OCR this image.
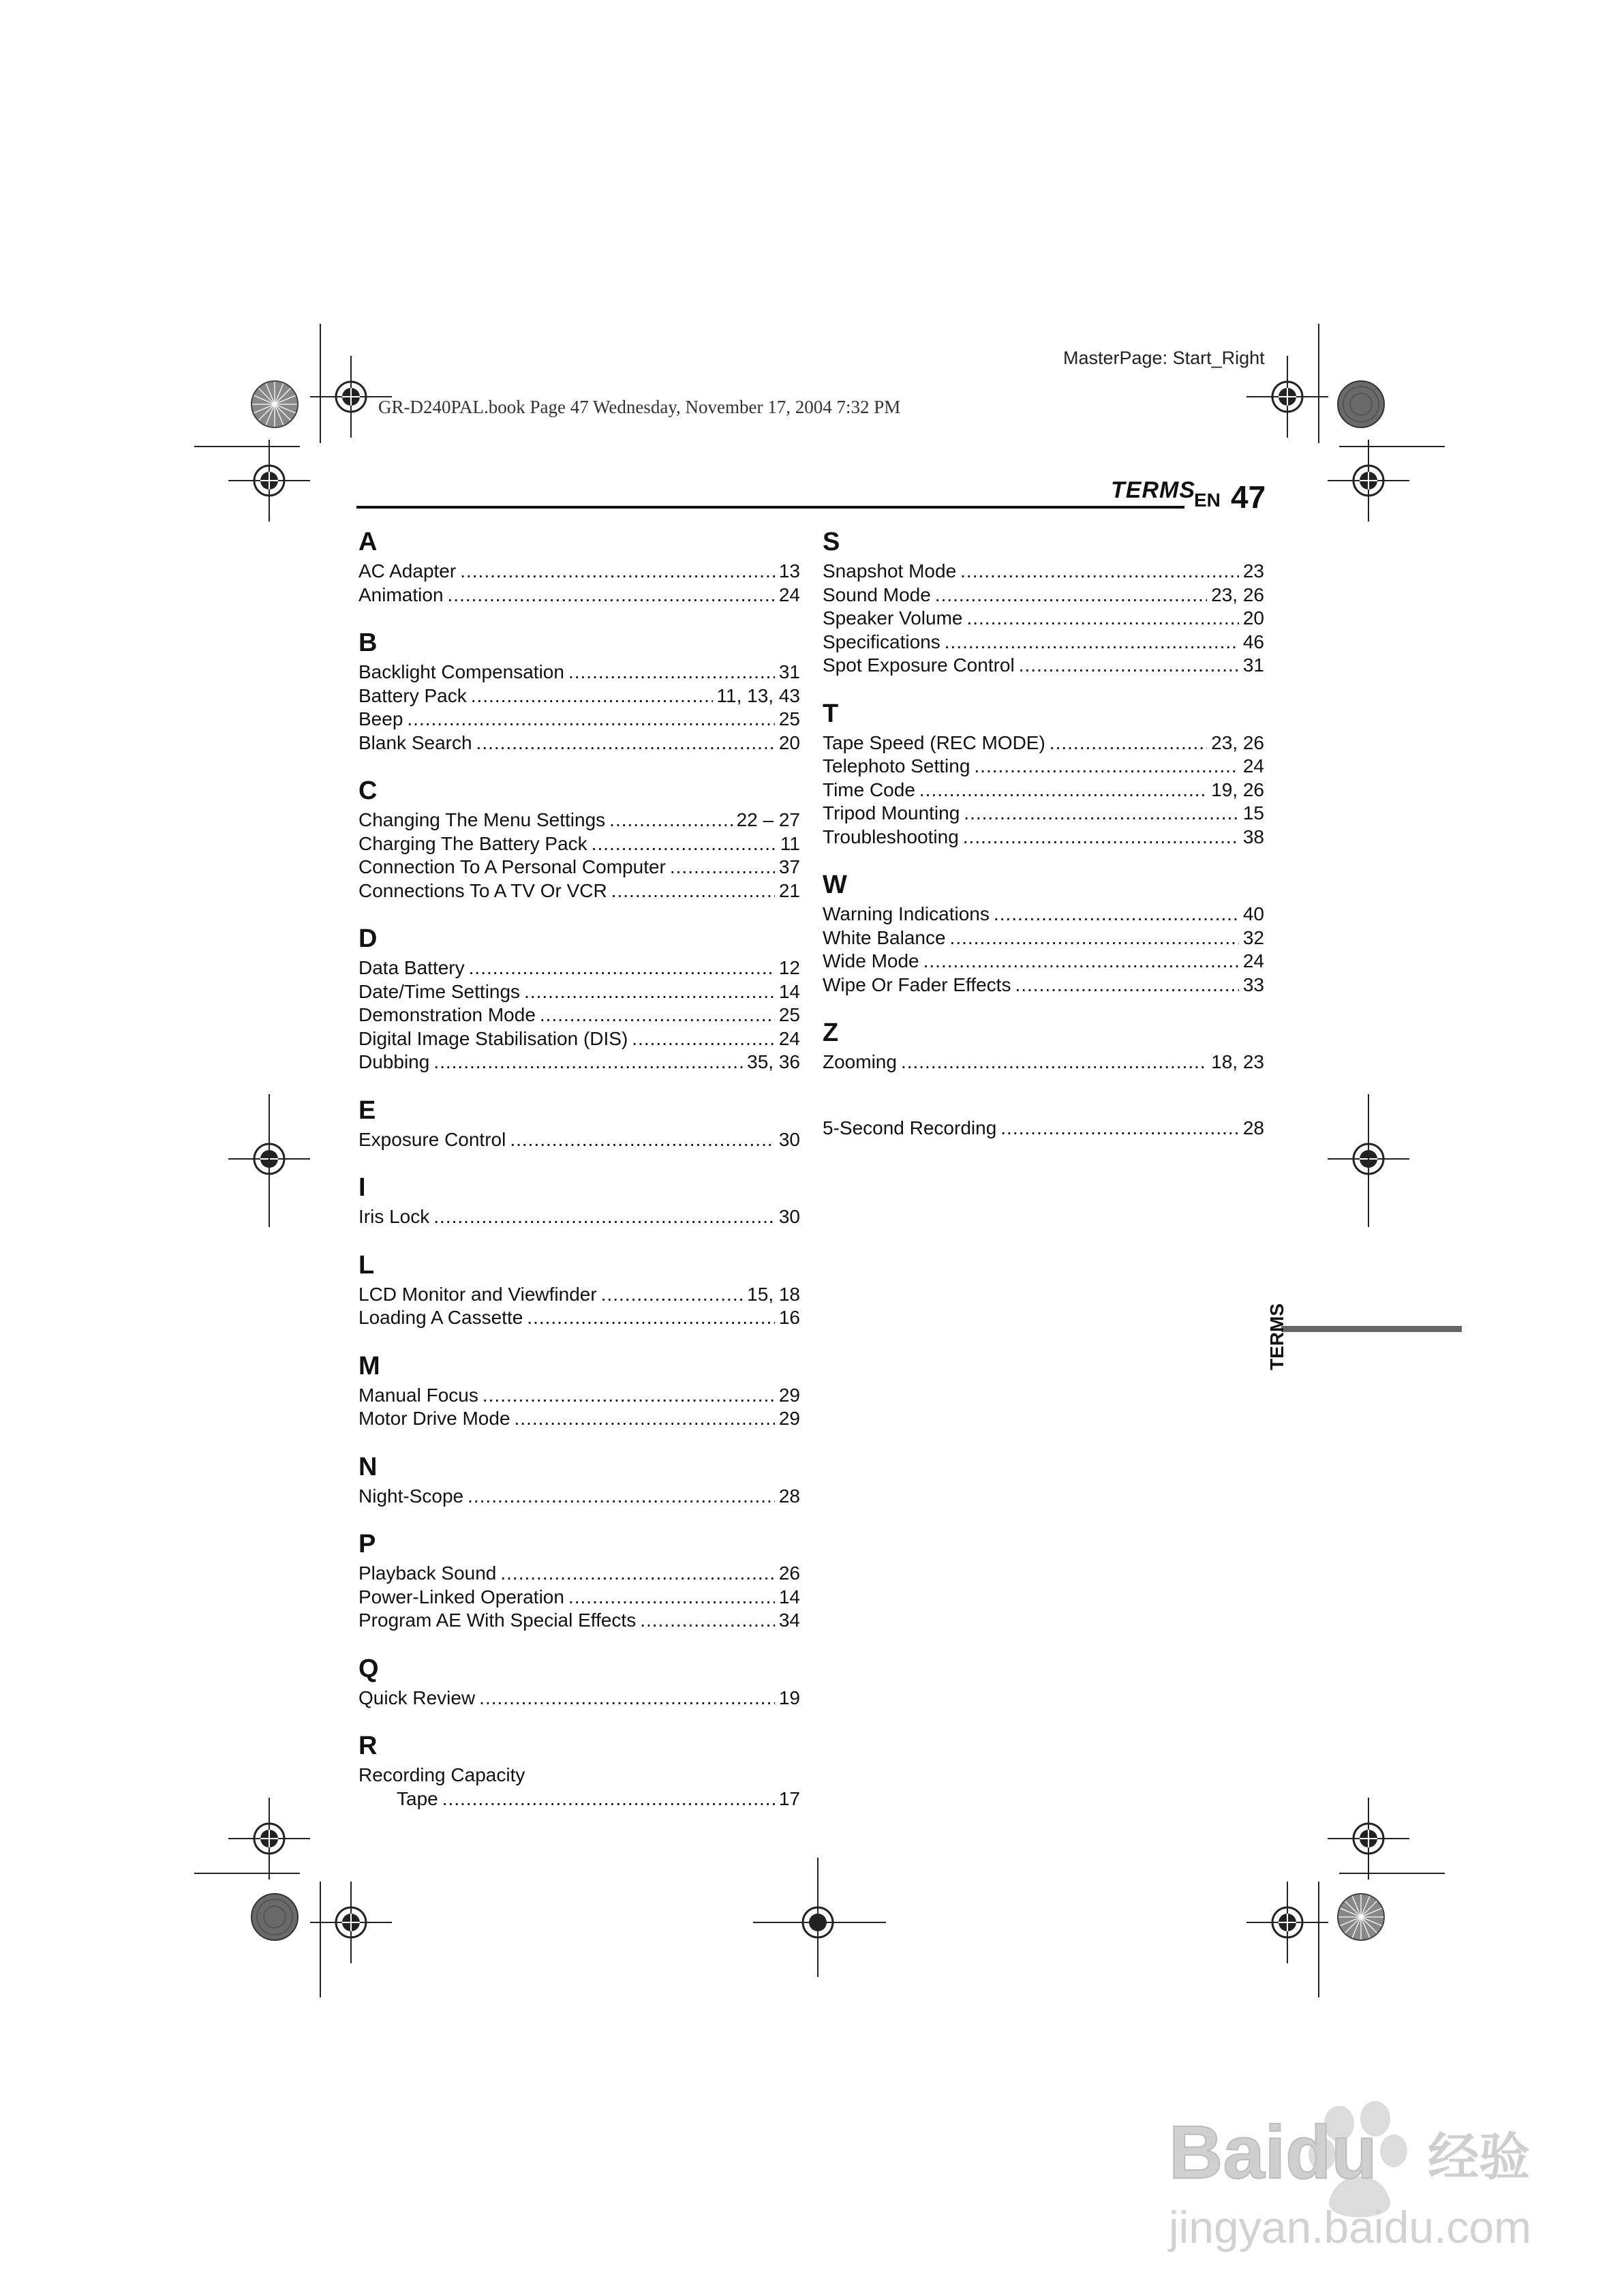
MasterPage: Start_Right
GR-D240PAL.book Page 47 Wednesday, November 17, 2004 7:32 PM
TERMS
EN 47
A
AC Adapter .....	13
Animation .....	24
B
Backlight Compensation .....	31
Battery Pack .....	11, 13, 43
Beep .....	25
Blank Search .....	20
C
Changing The Menu Settings .....	22 – 27
Charging The Battery Pack .....	11
Connection To A Personal Computer .....	37
Connections To A TV Or VCR .....	21
D
Data Battery .....	12
Date/Time Settings .....	14
Demonstration Mode .....	25
Digital Image Stabilisation (DIS) .....	24
Dubbing .....	35, 36
E
Exposure Control .....	30
I
Iris Lock .....	30
L
LCD Monitor and Viewfinder .....	15, 18
Loading A Cassette .....	16
M
Manual Focus .....	29
Motor Drive Mode .....	29
N
Night-Scope .....	28
P
Playback Sound .....	26
Power-Linked Operation .....	14
Program AE With Special Effects .....	34
Q
Quick Review .....	19
R
Recording Capacity
Tape .....	17
S
Snapshot Mode .....	23
Sound Mode .....	23, 26
Speaker Volume .....	20
Specifications .....	46
Spot Exposure Control .....	31
T
Tape Speed (REC MODE) .....	23, 26
Telephoto Setting .....	24
Time Code .....	19, 26
Tripod Mounting .....	15
Troubleshooting .....	38
W
Warning Indications .....	40
White Balance .....	32
Wide Mode .....	24
Wipe Or Fader Effects .....	33
Z
Zooming .....	18, 23
5-Second Recording .....	28
TERMS
Baidu 经验
jingyan.baidu.com
